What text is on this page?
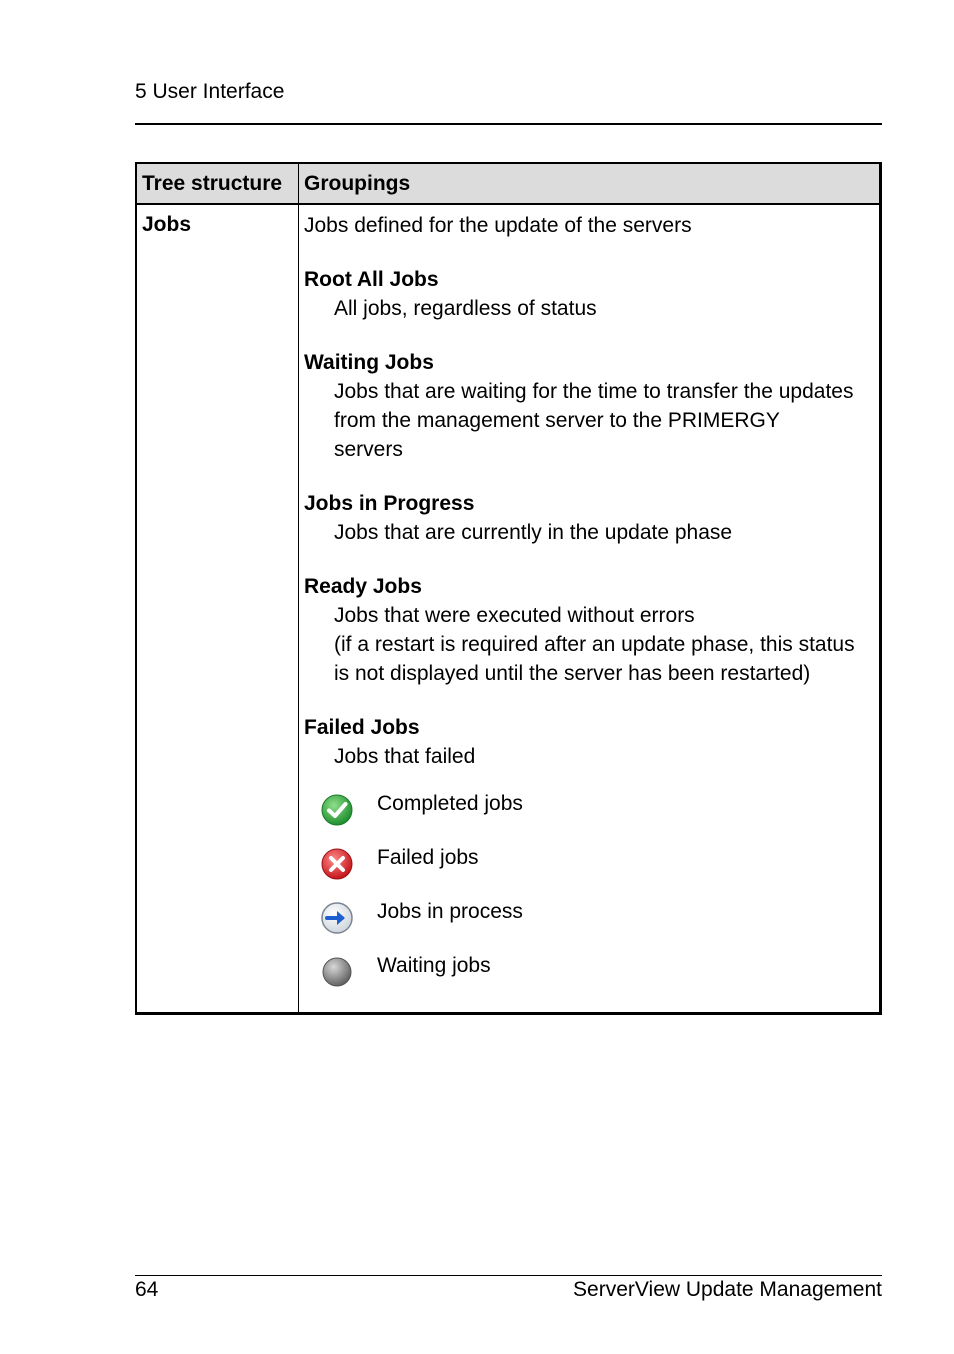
5 User Interface
Tree structure Groupings
Jobs	Jobs defined for the update of the servers

Root All Jobs

All jobs, regardless of status

Waiting Jobs

Jobs that are waiting for the time to transfer the updates
from the management server to the PRIMERGY
servers

Jobs in Progress

Jobs that are currently in the update phase

Ready Jobs

Jobs that were executed without errors
(if a restart is required after an update phase, this status
is not displayed until the server has been restarted)

Failed Jobs

Jobs that failed

Completed jobs
Failed jobs
Jobs in process
Waiting jobs
64	ServerView Update Management
